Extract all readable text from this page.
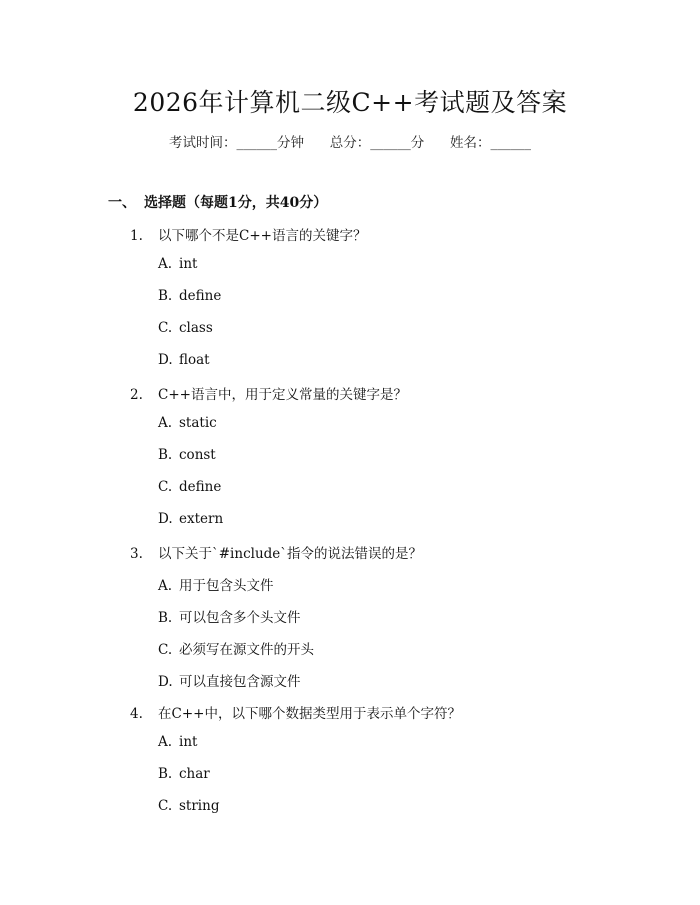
2026年计算机二级C++考试题及答案
考试时间：______分钟 总分：______分 姓名：______
一、 选择题（每题1分，共40分）
1. 以下哪个不是C++语言的关键字？
A. int
B. define
C. class
D. float
2. C++语言中，用于定义常量的关键字是？
A. static
B. const
C. define
D. extern
3. 以下关于`#include`指令的说法错误的是？
A. 用于包含头文件
B. 可以包含多个头文件
C. 必须写在源文件的开头
D. 可以直接包含源文件
4. 在C++中，以下哪个数据类型用于表示单个字符？
A. int
B. char
C. string
